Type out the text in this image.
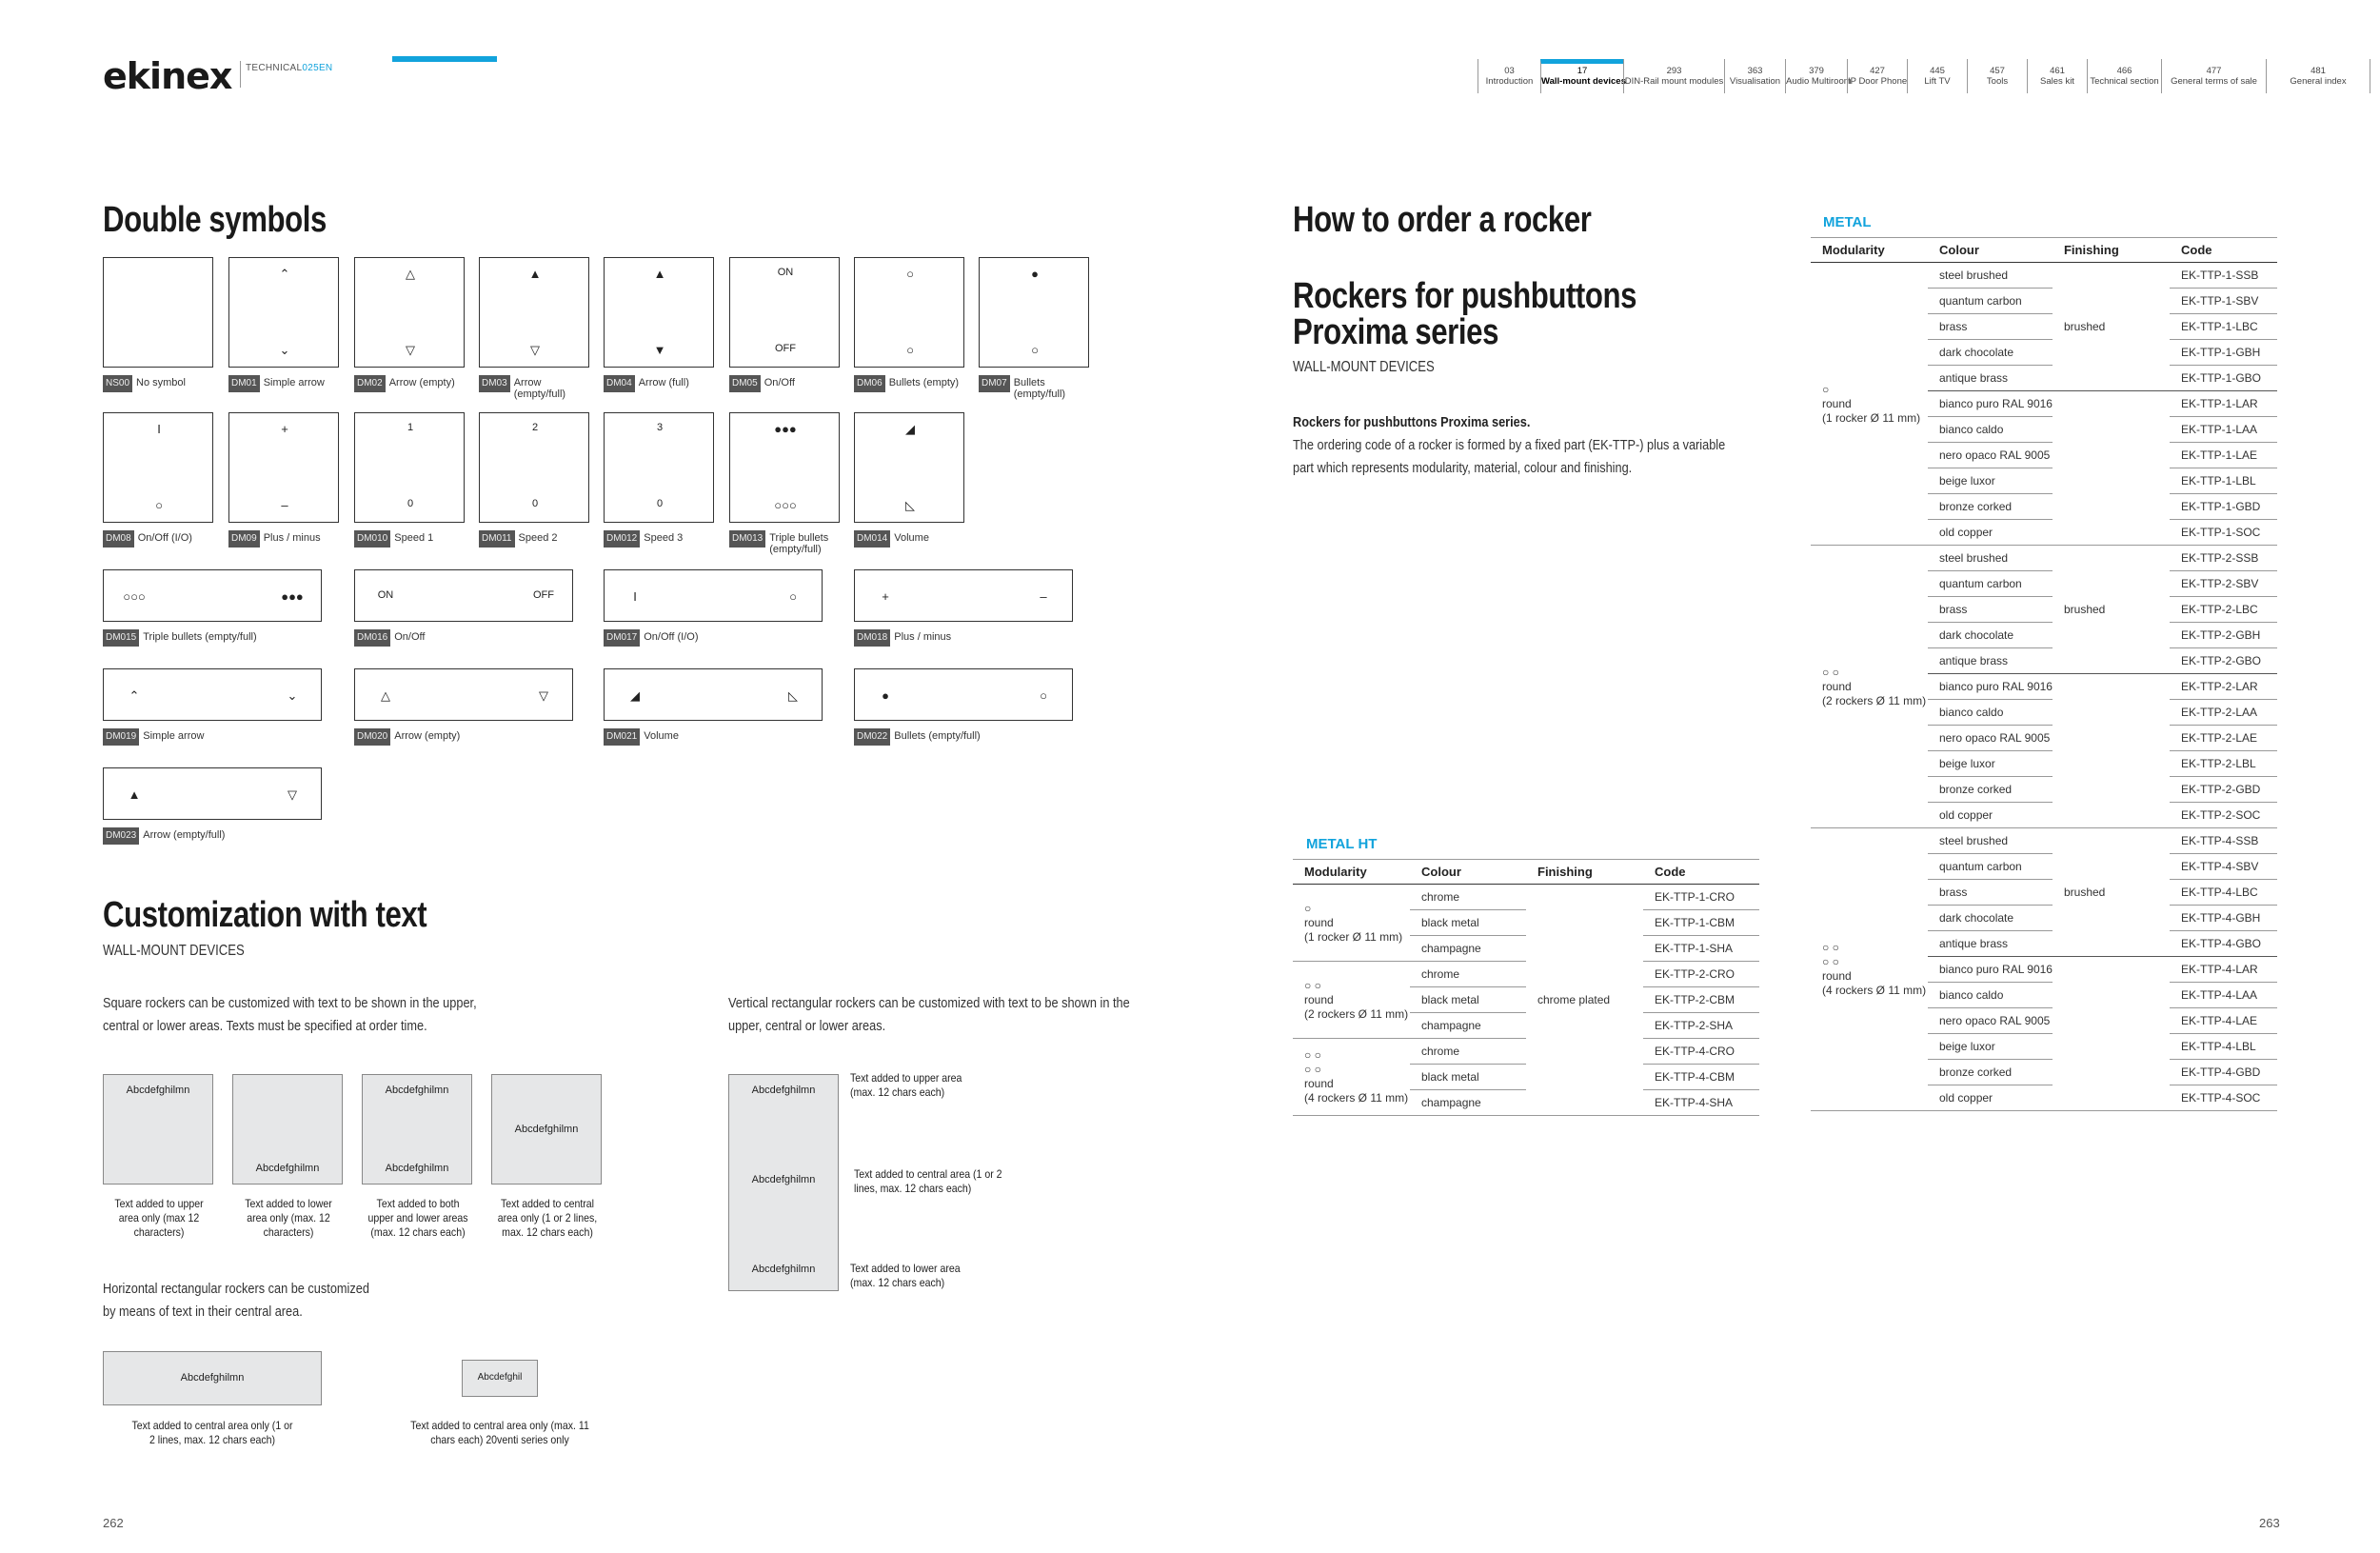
ekinex TECHNICAL025EN	03
Introduction
17
Wall-mount devices
293
DIN-Rail mount modules
363
Visualisation
379
Audio Multiroom
427
IP Door Phone
445
Lift TV
457
Tools
461
Sales kit
466
Technical section
477
General terms of sale
481
General index
Double symbols
NS00 No symbol
⌃
⌄
DM01 Simple arrow
△
▽
DM02 Arrow (empty)
▲
▽
DM03 Arrow (empty/full)
▲
▼
DM04 Arrow (full)
ON
OFF
DM05 On/Off
○
○
DM06 Bullets (empty)
●
○
DM07 Bullets (empty/full)
I
○
DM08 On/Off (I/O)
+
–
DM09 Plus / minus
1
0
DM010 Speed 1
2
0
DM011 Speed 2
3
0
DM012 Speed 3
●●●
○○○
DM013 Triple bullets (empty/full)
◢
◺
DM014 Volume
○○○	●●●
DM015 Triple bullets (empty/full)
ON	OFF
DM016 On/Off
I	○
DM017 On/Off (I/O)
+	–
DM018 Plus / minus
⌃	⌄
DM019 Simple arrow
△	▽
DM020 Arrow (empty)
◢	◺
DM021 Volume
●	○
DM022 Bullets (empty/full)
▲	▽
DM023 Arrow (empty/full)
Customization with text
WALL-MOUNT DEVICES
Square rockers can be customized with text to be shown in the upper, central or lower areas. Texts must be specified at order time.
Vertical rectangular rockers can be customized with text to be shown in the upper, central or lower areas.
Abcdefghilmn
Abcdefghilmn
Abcdefghilmn
Abcdefghilmn
Abcdefghilmn
Text added to upper area only (max 12 characters)
Text added to lower area only (max. 12 characters)
Text added to both upper and lower areas (max. 12 chars each)
Text added to central area only (1 or 2 lines, max. 12 chars each)
Abcdefghilmn
Abcdefghilmn
Abcdefghilmn
Text added to upper area (max. 12 chars each)
Text added to central area (1 or 2 lines, max. 12 chars each)
Text added to lower area (max. 12 chars each)
Horizontal rectangular rockers can be customized by means of text in their central area.
Abcdefghilmn	Abcdefghil
Text added to central area only (1 or 2 lines, max. 12 chars each)
Text added to central area only (max. 11 chars each) 20venti series only
262
How to order a rocker
Rockers for pushbuttons
Proxima series
WALL-MOUNT DEVICES
Rockers for pushbuttons Proxima series.
The ordering code of a rocker is formed by a fixed part (EK-TTP-) plus a variable part which represents modularity, material, colour and finishing.
METAL HT
Modularity	Colour	Finishing	Code
○
round
(1 rocker Ø 11 mm)	chrome	chrome plated	EK-TTP-1-CRO
	black metal		EK-TTP-1-CBM
	champagne		EK-TTP-1-SHA
○ ○
round
(2 rockers Ø 11 mm)	chrome		EK-TTP-2-CRO
	black metal		EK-TTP-2-CBM
	champagne		EK-TTP-2-SHA
○ ○
○ ○
round
(4 rockers Ø 11 mm)	chrome		EK-TTP-4-CRO
	black metal		EK-TTP-4-CBM
	champagne		EK-TTP-4-SHA
METAL
Modularity	Colour	Finishing	Code
○
round
(1 rocker Ø 11 mm)	steel brushed	brushed	EK-TTP-1-SSB
	quantum carbon		EK-TTP-1-SBV
	brass		EK-TTP-1-LBC
	dark chocolate		EK-TTP-1-GBH
	antique brass		EK-TTP-1-GBO
	bianco puro RAL 9016		EK-TTP-1-LAR
	bianco caldo		EK-TTP-1-LAA
	nero opaco RAL 9005		EK-TTP-1-LAE
	beige luxor		EK-TTP-1-LBL
	bronze corked		EK-TTP-1-GBD
	old copper		EK-TTP-1-SOC
○ ○
round
(2 rockers Ø 11 mm)	steel brushed	brushed	EK-TTP-2-SSB
	quantum carbon		EK-TTP-2-SBV
	brass		EK-TTP-2-LBC
	dark chocolate		EK-TTP-2-GBH
	antique brass		EK-TTP-2-GBO
	bianco puro RAL 9016		EK-TTP-2-LAR
	bianco caldo		EK-TTP-2-LAA
	nero opaco RAL 9005		EK-TTP-2-LAE
	beige luxor		EK-TTP-2-LBL
	bronze corked		EK-TTP-2-GBD
	old copper		EK-TTP-2-SOC
○ ○
○ ○
round
(4 rockers Ø 11 mm)	steel brushed	brushed	EK-TTP-4-SSB
	quantum carbon		EK-TTP-4-SBV
	brass		EK-TTP-4-LBC
	dark chocolate		EK-TTP-4-GBH
	antique brass		EK-TTP-4-GBO
	bianco puro RAL 9016		EK-TTP-4-LAR
	bianco caldo		EK-TTP-4-LAA
	nero opaco RAL 9005		EK-TTP-4-LAE
	beige luxor		EK-TTP-4-LBL
	bronze corked		EK-TTP-4-GBD
	old copper		EK-TTP-4-SOC
263
